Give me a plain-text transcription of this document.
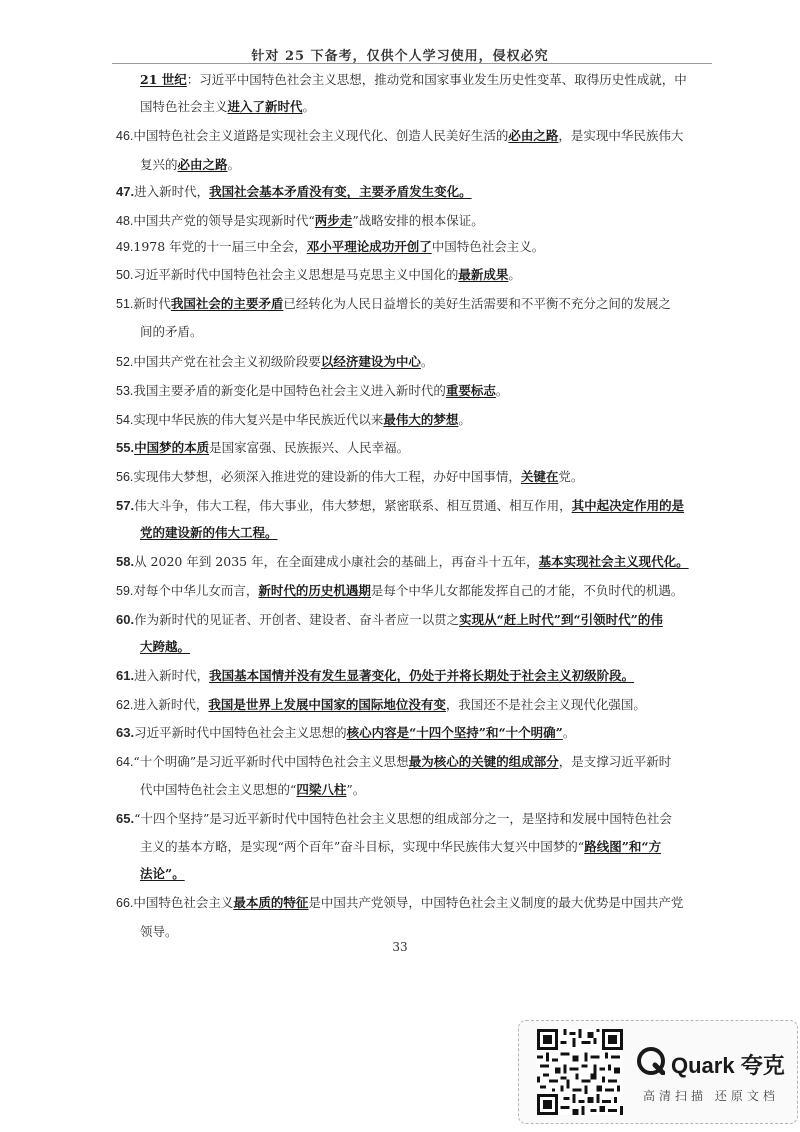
针对 25 下备考，仅供个人学习使用，侵权必究
21 世纪：习近平中国特色社会主义思想，推动党和国家事业发生历史性变革、取得历史性成就，中
国特色社会主义进入了新时代。
46.中国特色社会主义道路是实现社会主义现代化、创造人民美好生活的必由之路，是实现中华民族伟大
复兴的必由之路。
47.进入新时代，我国社会基本矛盾没有变，主要矛盾发生变化。
48.中国共产党的领导是实现新时代“两步走”战略安排的根本保证。
49.1978 年党的十一届三中全会，邓小平理论成功开创了中国特色社会主义。
50.习近平新时代中国特色社会主义思想是马克思主义中国化的最新成果。
51.新时代我国社会的主要矛盾已经转化为人民日益增长的美好生活需要和不平衡不充分之间的发展之
间的矛盾。
52.中国共产党在社会主义初级阶段要以经济建设为中心。
53.我国主要矛盾的新变化是中国特色社会主义进入新时代的重要标志。
54.实现中华民族的伟大复兴是中华民族近代以来最伟大的梦想。
55.中国梦的本质是国家富强、民族振兴、人民幸福。
56.实现伟大梦想，必须深入推进党的建设新的伟大工程，办好中国事情，关键在党。
57.伟大斗争，伟大工程，伟大事业，伟大梦想，紧密联系、相互贯通、相互作用，其中起决定作用的是
党的建设新的伟大工程。
58.从 2020 年到 2035 年，在全面建成小康社会的基础上，再奋斗十五年，基本实现社会主义现代化。
59.对每个中华儿女而言，新时代的历史机遇期是每个中华儿女都能发挥自己的才能，不负时代的机遇。
60.作为新时代的见证者、开创者、建设者、奋斗者应一以贯之实现从“赶上时代”到“引领时代”的伟
大跨越。
61.进入新时代，我国基本国情并没有发生显著变化，仍处于并将长期处于社会主义初级阶段。
62.进入新时代，我国是世界上发展中国家的国际地位没有变，我国还不是社会主义现代化强国。
63.习近平新时代中国特色社会主义思想的核心内容是“十四个坚持”和“十个明确”。
64.“十个明确”是习近平新时代中国特色社会主义思想最为核心的关键的组成部分，是支撑习近平新时
代中国特色社会主义思想的“四梁八柱”。
65.“十四个坚持”是习近平新时代中国特色社会主义思想的组成部分之一，是坚持和发展中国特色社会
主义的基本方略，是实现“两个百年”奋斗目标，实现中华民族伟大复兴中国梦的“路线图”和“方
法论”。
66.中国特色社会主义最本质的特征是中国共产党领导，中国特色社会主义制度的最大优势是中国共产党
领导。
33
Quark 夸克
高清扫描 还原文档
